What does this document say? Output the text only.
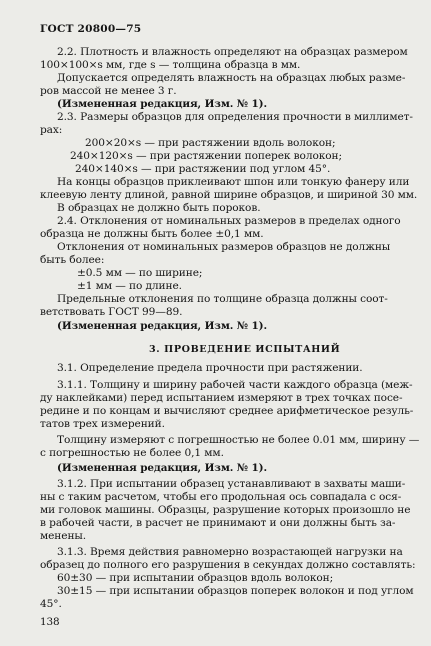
ГОСТ 20800—75
2.2. Плотность и влажность определяют на образцах размером
100×100×s мм, где s — толщина образца в мм.
Допускается определять влажность на образцах любых разме-
ров массой не менее 3 г.
(Измененная редакция, Изм. № 1).
2.3. Размеры образцов для определения прочности в миллимет-
рах:
200×20×s — при растяжении вдоль волокон;
240×120×s — при растяжении поперек волокон;
240×140×s — при растяжении под углом 45°.
На концы образцов приклеивают шпон или тонкую фанеру или
клеевую ленту длиной, равной ширине образцов, и шириной 30 мм.
В образцах не должно быть пороков.
2.4. Отклонения от номинальных размеров в пределах одного
образца не должны быть более ±0,1 мм.
Отклонения от номинальных размеров образцов не должны
быть более:
±0.5 мм — по ширине;
±1 мм — по длине.
Предельные отклонения по толщине образца должны соот-
ветствовать ГОСТ 99—89.
(Измененная редакция, Изм. № 1).
3. ПРОВЕДЕНИЕ ИСПЫТАНИЙ
3.1. Определение предела прочности при растяжении.
3.1.1. Толщину и ширину рабочей части каждого образца (меж-
ду наклейками) перед испытанием измеряют в трех точках посе-
редине и по концам и вычисляют среднее арифметическое резуль-
татов трех измерений.
Толщину измеряют с погрешностью не более 0.01 мм, ширину —
с погрешностью не более 0,1 мм.
(Измененная редакция, Изм. № 1).
3.1.2. При испытании образец устанавливают в захваты маши-
ны с таким расчетом, чтобы его продольная ось совпадала с ося-
ми головок машины. Образцы, разрушение которых произошло не
в рабочей части, в расчет не принимают и они должны быть за-
менены.
3.1.3. Время действия равномерно возрастающей нагрузки на
образец до полного его разрушения в секундах должно составлять:
60±30 — при испытании образцов вдоль волокон;
30±15 — при испытании образцов поперек волокон и под углом
45°.
138
